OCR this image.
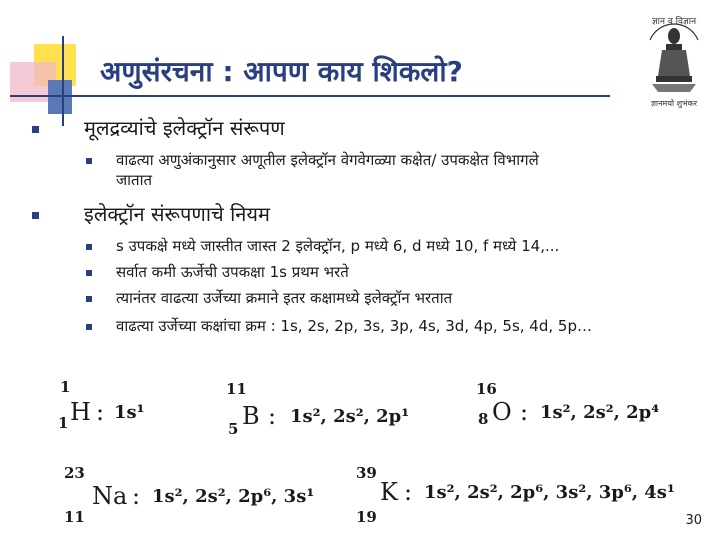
अणुसंरचना : आपण काय शिकलो?
ज्ञान व विज्ञान
ज्ञानमयो शुभंकर
मूलद्रव्यांचे इलेक्ट्रॉन संरूपण
वाढत्या अणुअंकानुसार अणूतील इलेक्ट्रॉन वेगवेगळ्या कक्षेत/ उपकक्षेत विभागले
जातात
इलेक्ट्रॉन संरूपणाचे नियम
s उपकक्षे मध्ये जास्तीत जास्त 2 इलेक्ट्रॉन, p मध्ये 6, d मध्ये 10, f मध्ये 14,...
सर्वात कमी ऊर्जेची उपकक्षा 1s प्रथम भरते
त्यानंतर वाढत्या उर्जेच्या क्रमाने इतर कक्षामध्ये इलेक्ट्रॉन भरतात
वाढत्या उर्जेच्या कक्षांचा क्रम : 1s, 2s, 2p, 3s, 3p, 4s, 3d, 4p, 5s, 4d, 5p…
1
1 H : 1s¹
11
5 B : 1s², 2s², 2p¹
16
8 O : 1s², 2s², 2p⁴
23
11
Na : 1s², 2s², 2p⁶, 3s¹
39
19
K : 1s², 2s², 2p⁶, 3s², 3p⁶, 4s¹
30
